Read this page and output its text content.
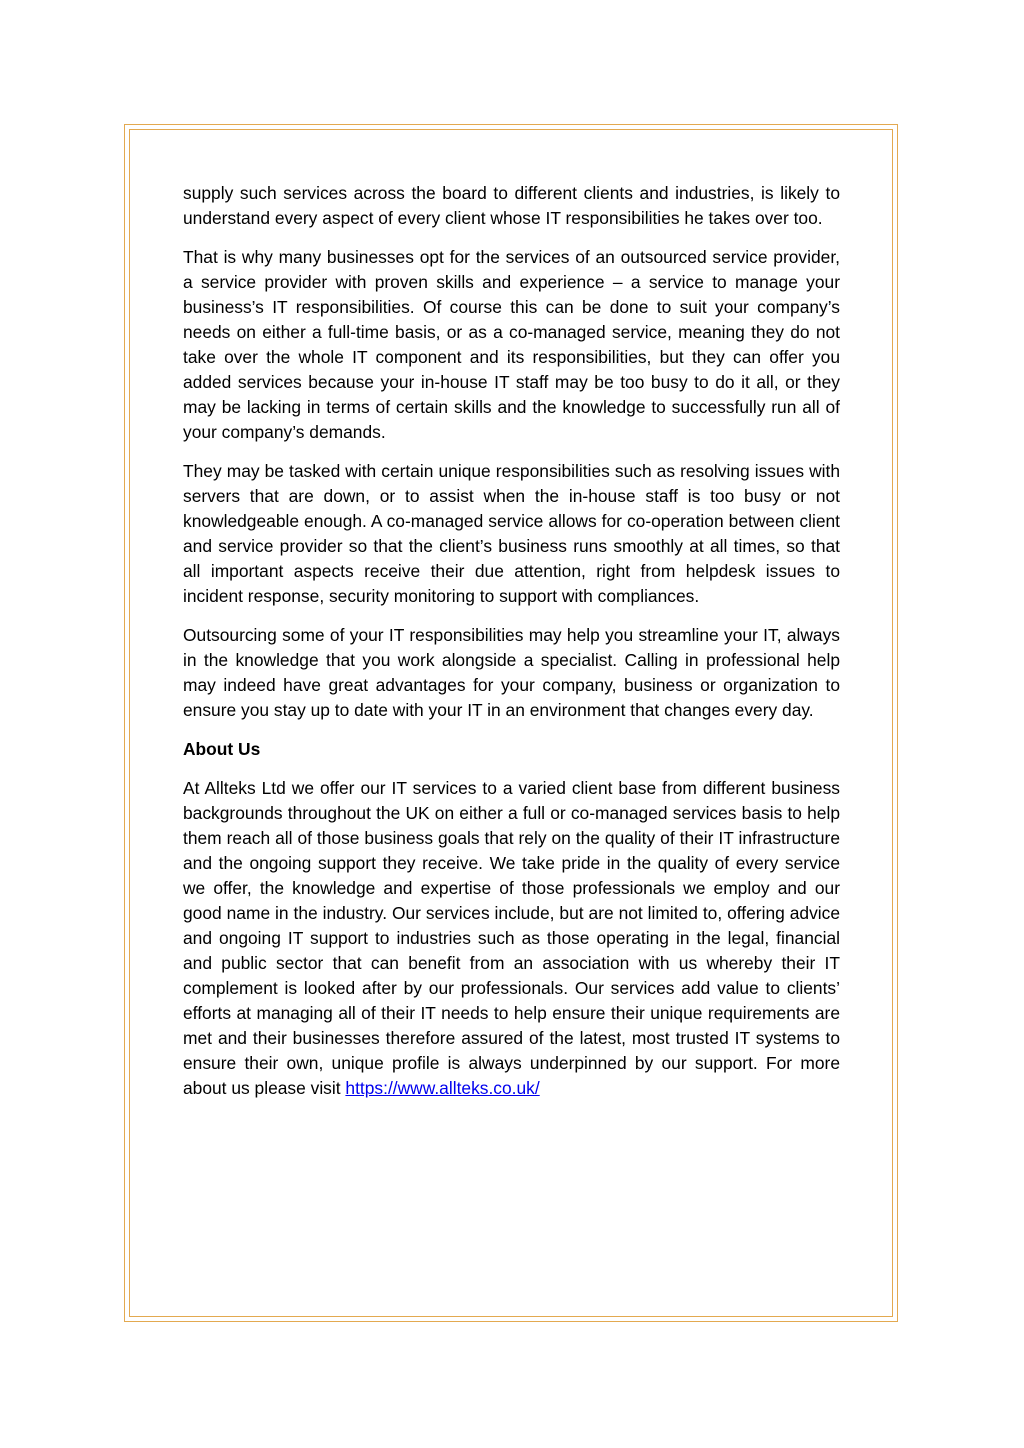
supply such services across the board to different clients and industries, is likely to understand every aspect of every client whose IT responsibilities he takes over too.

That is why many businesses opt for the services of an outsourced service provider, a service provider with proven skills and experience – a service to manage your business’s IT responsibilities. Of course this can be done to suit your company’s needs on either a full-time basis, or as a co-managed service, meaning they do not take over the whole IT component and its responsibilities, but they can offer you added services because your in-house IT staff may be too busy to do it all, or they may be lacking in terms of certain skills and the knowledge to successfully run all of your company’s demands.

They may be tasked with certain unique responsibilities such as resolving issues with servers that are down, or to assist when the in-house staff is too busy or not knowledgeable enough. A co-managed service allows for co-operation between client and service provider so that the client’s business runs smoothly at all times, so that all important aspects receive their due attention, right from helpdesk issues to incident response, security monitoring to support with compliances.

Outsourcing some of your IT responsibilities may help you streamline your IT, always in the knowledge that you work alongside a specialist. Calling in professional help may indeed have great advantages for your company, business or organization to ensure you stay up to date with your IT in an environment that changes every day.

About Us

At Allteks Ltd we offer our IT services to a varied client base from different business backgrounds throughout the UK on either a full or co-managed services basis to help them reach all of those business goals that rely on the quality of their IT infrastructure and the ongoing support they receive. We take pride in the quality of every service we offer, the knowledge and expertise of those professionals we employ and our good name in the industry. Our services include, but are not limited to, offering advice and ongoing IT support to industries such as those operating in the legal, financial and public sector that can benefit from an association with us whereby their IT complement is looked after by our professionals. Our services add value to clients’ efforts at managing all of their IT needs to help ensure their unique requirements are met and their businesses therefore assured of the latest, most trusted IT systems to ensure their own, unique profile is always underpinned by our support. For more about us please visit https://www.allteks.co.uk/
